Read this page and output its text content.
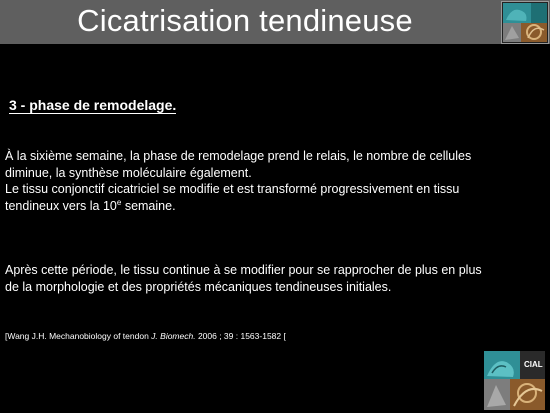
Cicatrisation tendineuse
3 - phase de remodelage.

À la sixième semaine, la phase de remodelage prend le relais, le nombre de cellules
diminue, la synthèse moléculaire également.
Le tissu conjonctif cicatriciel se modifie et est transformé progressivement en tissu
tendineux vers la 10e semaine.

Après cette période, le tissu continue à se modifier pour se rapprocher de plus en plus
de la morphologie et des propriétés mécaniques tendineuses initiales.

[Wang J.H. Mechanobiology of tendon J. Biomech. 2006 ; 39 : 1563-1582 [
CIAL
